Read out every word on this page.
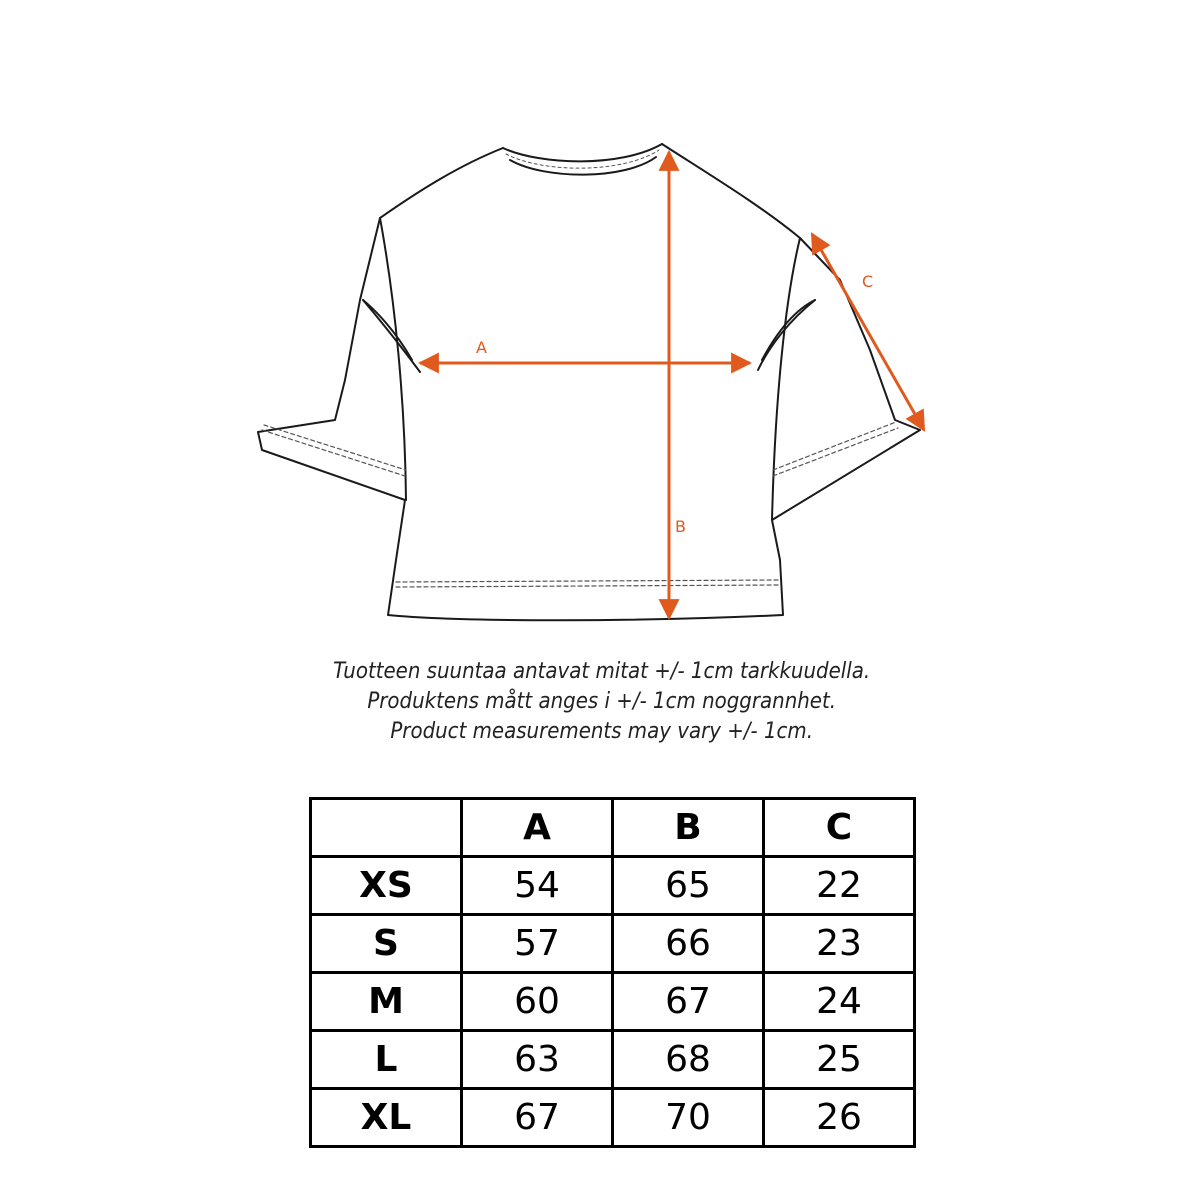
A
B
C
Tuotteen suuntaa antavat mitat +/- 1cm tarkkuudella.
Produktens mått anges i +/- 1cm noggrannhet.
Product measurements may vary +/- 1cm.
	A	B	C
XS	54	65	22
S	57	66	23
M	60	67	24
L	63	68	25
XL	67	70	26
